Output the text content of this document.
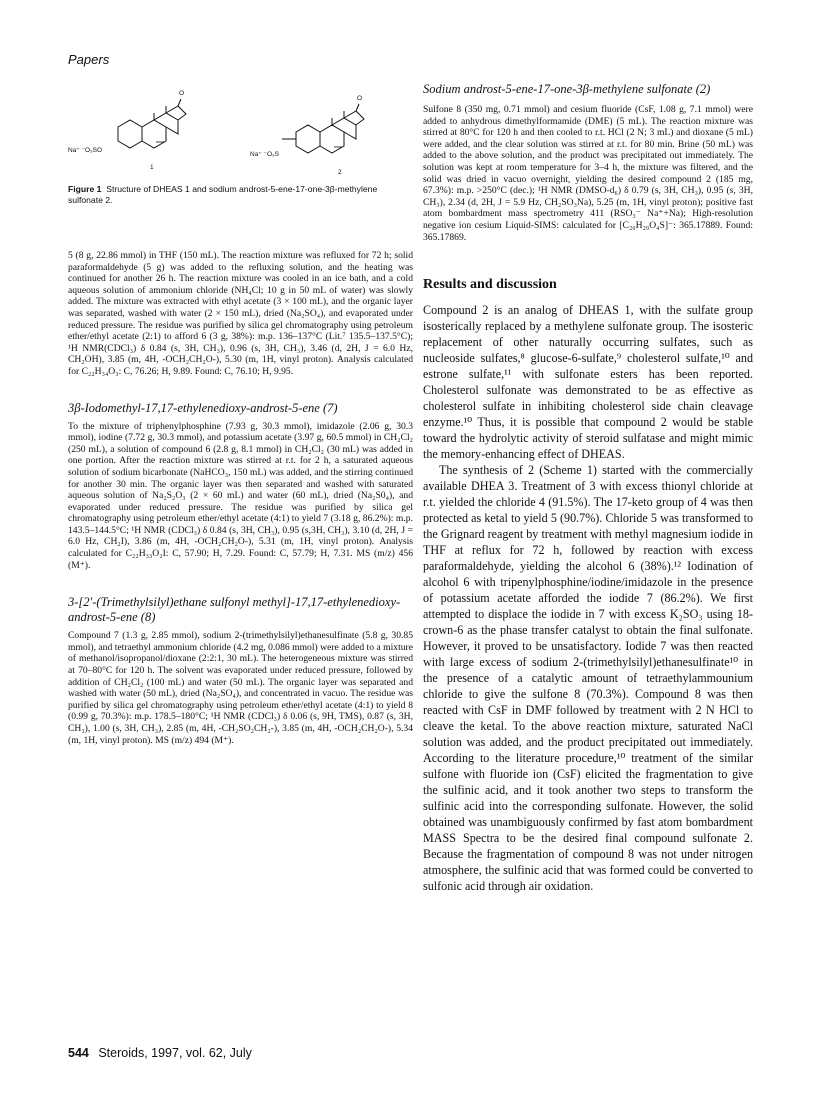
Papers
Na⁺ ⁻O₃SO
Na⁺ ⁻O₃S
1
2
O
O
Figure 1 Structure of DHEAS 1 and sodium androst-5-ene-17-one-3β-methylene sulfonate 2.

5 (8 g, 22.86 mmol) in THF (150 mL). The reaction mixture was refluxed for 72 h; solid paraformaldehyde (5 g) was added to the refluxing solution, and the heating was continued for another 26 h. The reaction mixture was cooled in an ice bath, and a cold aqueous solution of ammonium chloride (NH₄Cl; 10 g in 50 mL of water) was slowly added. The mixture was extracted with ethyl acetate (3 × 100 mL), and the organic layer was separated, washed with water (2 × 150 mL), dried (Na₂SO₄), and evaporated under reduced pressure. The residue was purified by silica gel chromatography using petroleum ether/ethyl acetate (2:1) to afford 6 (3 g, 38%): m.p. 136–137°C (Lit.⁷ 135.5–137.5°C); ¹H NMR(CDCl₃) δ 0.84 (s, 3H, CH₃), 0.96 (s, 3H, CH₃), 3.46 (d, 2H, J = 6.0 Hz, CH₂OH), 3.85 (m, 4H, -OCH₂CH₂O-), 5.30 (m, 1H, vinyl proton). Analysis calculated for C₂₂H₃₄O₃: C, 76.26; H, 9.89. Found: C, 76.10; H, 9.95.

3β-Iodomethyl-17,17-ethylenedioxy-androst-5-ene (7)

To the mixture of triphenylphosphine (7.93 g, 30.3 mmol), imidazole (2.06 g, 30.3 mmol), iodine (7.72 g, 30.3 mmol), and potassium acetate (3.97 g, 60.5 mmol) in CH₂Cl₂ (250 mL), a solution of compound 6 (2.8 g, 8.1 mmol) in CH₂Cl₂ (30 mL) was added in one portion. After the reaction mixture was stirred at r.t. for 2 h, a saturated aqueous solution of sodium bicarbonate (NaHCO₃, 150 mL) was added, and the stirring continued for another 30 min. The organic layer was then separated and washed with saturated aqueous solution of Na₂S₂O₃ (2 × 60 mL) and water (60 mL), dried (Na₂S0₄), and evaporated under reduced pressure. The residue was purified by silica gel chromatography using petroleum ether/ethyl acetate (4:1) to yield 7 (3.18 g, 86.2%): m.p. 143.5–144.5°C; ¹H NMR (CDCl₃) δ 0.84 (s, 3H, CH₃), 0.95 (s,3H, CH₃), 3.10 (d, 2H, J = 6.0 Hz, CH₂I), 3.86 (m, 4H, -OCH₂CH₂O-), 5.31 (m, 1H, vinyl proton). Analysis calculated for C₂₂H₃₃O₂I: C, 57.90; H, 7.29. Found: C, 57.79; H, 7.31. MS (m/z) 456 (M⁺).

3-[2′-(Trimethylsilyl)ethane sulfonyl methyl]-17,17-ethylenedioxy-androst-5-ene (8)

Compound 7 (1.3 g, 2.85 mmol), sodium 2-(trimethylsilyl)ethanesulfinate (5.8 g, 30.85 mmol), and tetraethyl ammonium chloride (4.2 mg, 0.086 mmol) were added to a mixture of methanol/isopropanol/dioxane (2:2:1, 30 mL). The heterogeneous mixture was stirred at 70–80°C for 120 h. The solvent was evaporated under reduced pressure, followed by addition of CH₂Cl₂ (100 mL) and water (50 mL). The organic layer was separated and washed with water (50 mL), dried (Na₂SO₄), and concentrated in vacuo. The residue was purified by silica gel chromatography using petroleum ether/ethyl acetate (4:1) to yield 8 (0.99 g, 70.3%): m.p. 178.5–180°C; ¹H NMR (CDCl₃) δ 0.06 (s, 9H, TMS), 0.87 (s, 3H, CH₃), 1.00 (s, 3H, CH₃), 2.85 (m, 4H, -CH₂SO₂CH₂-), 3.85 (m, 4H, -OCH₂CH₂O-), 5.34 (m, 1H, vinyl proton). MS (m/z) 494 (M⁺).

Sodium androst-5-ene-17-one-3β-methylene sulfonate (2)

Sulfone 8 (350 mg, 0.71 mmol) and cesium fluoride (CsF, 1.08 g, 7.1 mmol) were added to anhydrous dimethylformamide (DME) (5 mL). The reaction mixture was stirred at 80°C for 120 h and then cooled to r.t. HCl (2 N; 3 mL) and dioxane (5 mL) were added, and the clear solution was stirred at r.t. for 80 min. Brine (50 mL) was added to the above solution, and the product was precipitated out immediately. The solution was kept at room temperature for 3–4 h, the mixture was filtered, and the solid was dried in vacuo overnight, yielding the desired compound 2 (185 mg, 67.3%): m.p. >250°C (dec.); ¹H NMR (DMSO-d₆) δ 0.79 (s, 3H, CH₃), 0.95 (s, 3H, CH₃), 2.34 (d, 2H, J = 5.9 Hz, CH₂SO₃Na), 5.25 (m, 1H, vinyl proton); positive fast atom bombardment mass spectrometry 411 (RSO₃⁻ Na⁺+Na); High-resolution negative ion cesium Liquid-SIMS: calculated for [C₂₀H₂₉O₄S]⁻: 365.17889. Found: 365.17869.

Results and discussion

Compound 2 is an analog of DHEAS 1, with the sulfate group isosterically replaced by a methylene sulfonate group. The isosteric replacement of other naturally occurring sulfates, such as nucleoside sulfates,⁸ glucose-6-sulfate,⁹ cholesterol sulfate,¹⁰ and estrone sulfate,¹¹ with sulfonate esters has been reported. Cholesterol sulfonate was demonstrated to be as effective as cholesterol sulfate in inhibiting cholesterol side chain cleavage enzyme.¹⁰ Thus, it is possible that compound 2 would be stable toward the hydrolytic activity of steroid sulfatase and might mimic the memory-enhancing effect of DHEAS.

The synthesis of 2 (Scheme 1) started with the commercially available DHEA 3. Treatment of 3 with excess thionyl chloride at r.t. yielded the chloride 4 (91.5%). The 17-keto group of 4 was then protected as ketal to yield 5 (90.7%). Chloride 5 was transformed to the Grignard reagent by treatment with methyl magnesium iodide in THF at reflux for 72 h, followed by reaction with excess paraformaldehyde, yielding the alcohol 6 (38%).¹² Iodination of alcohol 6 with tripenylphosphine/iodine/imidazole in the presence of potassium acetate afforded the iodide 7 (86.2%). We first attempted to displace the iodide in 7 with excess K₂SO₃ using 18-crown-6 as the phase transfer catalyst to obtain the final sulfonate. However, it proved to be unsatisfactory. Iodide 7 was then reacted with large excess of sodium 2-(trimethylsilyl)ethanesulfinate¹⁰ in the presence of a catalytic amount of tetraethylammounium chloride to give the sulfone 8 (70.3%). Compound 8 was then reacted with CsF in DMF followed by treatment with 2 N HCl to cleave the ketal. To the above reaction mixture, saturated NaCl solution was added, and the product precipitated out immediately. According to the literature procedure,¹⁰ treatment of the similar sulfone with fluoride ion (CsF) elicited the fragmentation to give the sulfinic acid, and it took another two steps to transform the sulfinic acid into the corresponding sulfonate. However, the solid obtained was unambiguously confirmed by fast atom bombardment MASS Spectra to be the desired final compound sulfonate 2. Because the fragmentation of compound 8 was not under nitrogen atmosphere, the sulfinic acid that was formed could be converted to sulfonic acid through air oxidation.

544 Steroids, 1997, vol. 62, July
